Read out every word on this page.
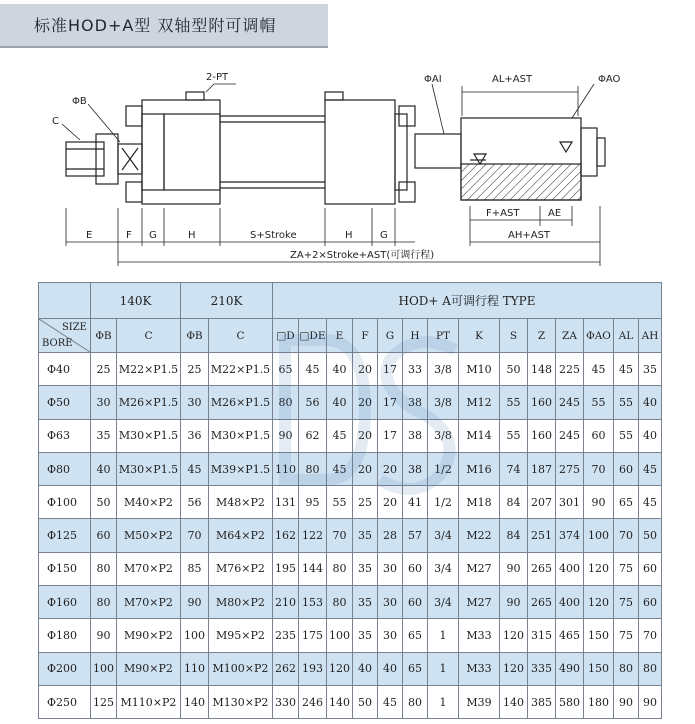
标准HOD+A型 双轴型附可调帽
ΦB
C
2-PT	ΦAI	AL+AST	ΦAO
E	F G	H	S+Stroke	H	G
F+AST	AE
AH+AST
ZA+2×Stroke+AST(可调行程)
	140K		210K		HOD+ A可调行程 TYPE													

SIZE
BORE	ΦB	C	ΦB	C	□D	□DE	E	F	G	H	PT	K	S	Z	ZA	ΦAO	AL	AH
Φ40	25	M22×P1.5	25	M22×P1.5	65	45	40	20	17	33	3/8	M10	50	148	225	45	45	35
Φ50	30	M26×P1.5	30	M26×P1.5	80	56	40	20	17	38	3/8	M12	55	160	245	55	55	40
Φ63	35	M30×P1.5	36	M30×P1.5	90	62	45	20	17	38	3/8	M14	55	160	245	60	55	40
Φ80	40	M30×P1.5	45	M39×P1.5	110	80	45	20	20	38	1/2	M16	74	187	275	70	60	45
Φ100	50	M40×P2	56	M48×P2	131	95	55	25	20	41	1/2	M18	84	207	301	90	65	45
Φ125	60	M50×P2	70	M64×P2	162	122	70	35	28	57	3/4	M22	84	251	374	100	70	50
Φ150	80	M70×P2	85	M76×P2	195	144	80	35	30	60	3/4	M27	90	265	400	120	75	60
Φ160	80	M70×P2	90	M80×P2	210	153	80	35	30	60	3/4	M27	90	265	400	120	75	60
Φ180	90	M90×P2	100	M95×P2	235	175	100	35	30	65	1	M33	120	315	465	150	75	70
Φ200	100	M90×P2	110	M100×P2	262	193	120	40	40	65	1	M33	120	335	490	150	80	80
Φ250	125	M110×P2	140	M130×P2	330	246	140	50	45	80	1	M39	140	385	580	180	90	90
